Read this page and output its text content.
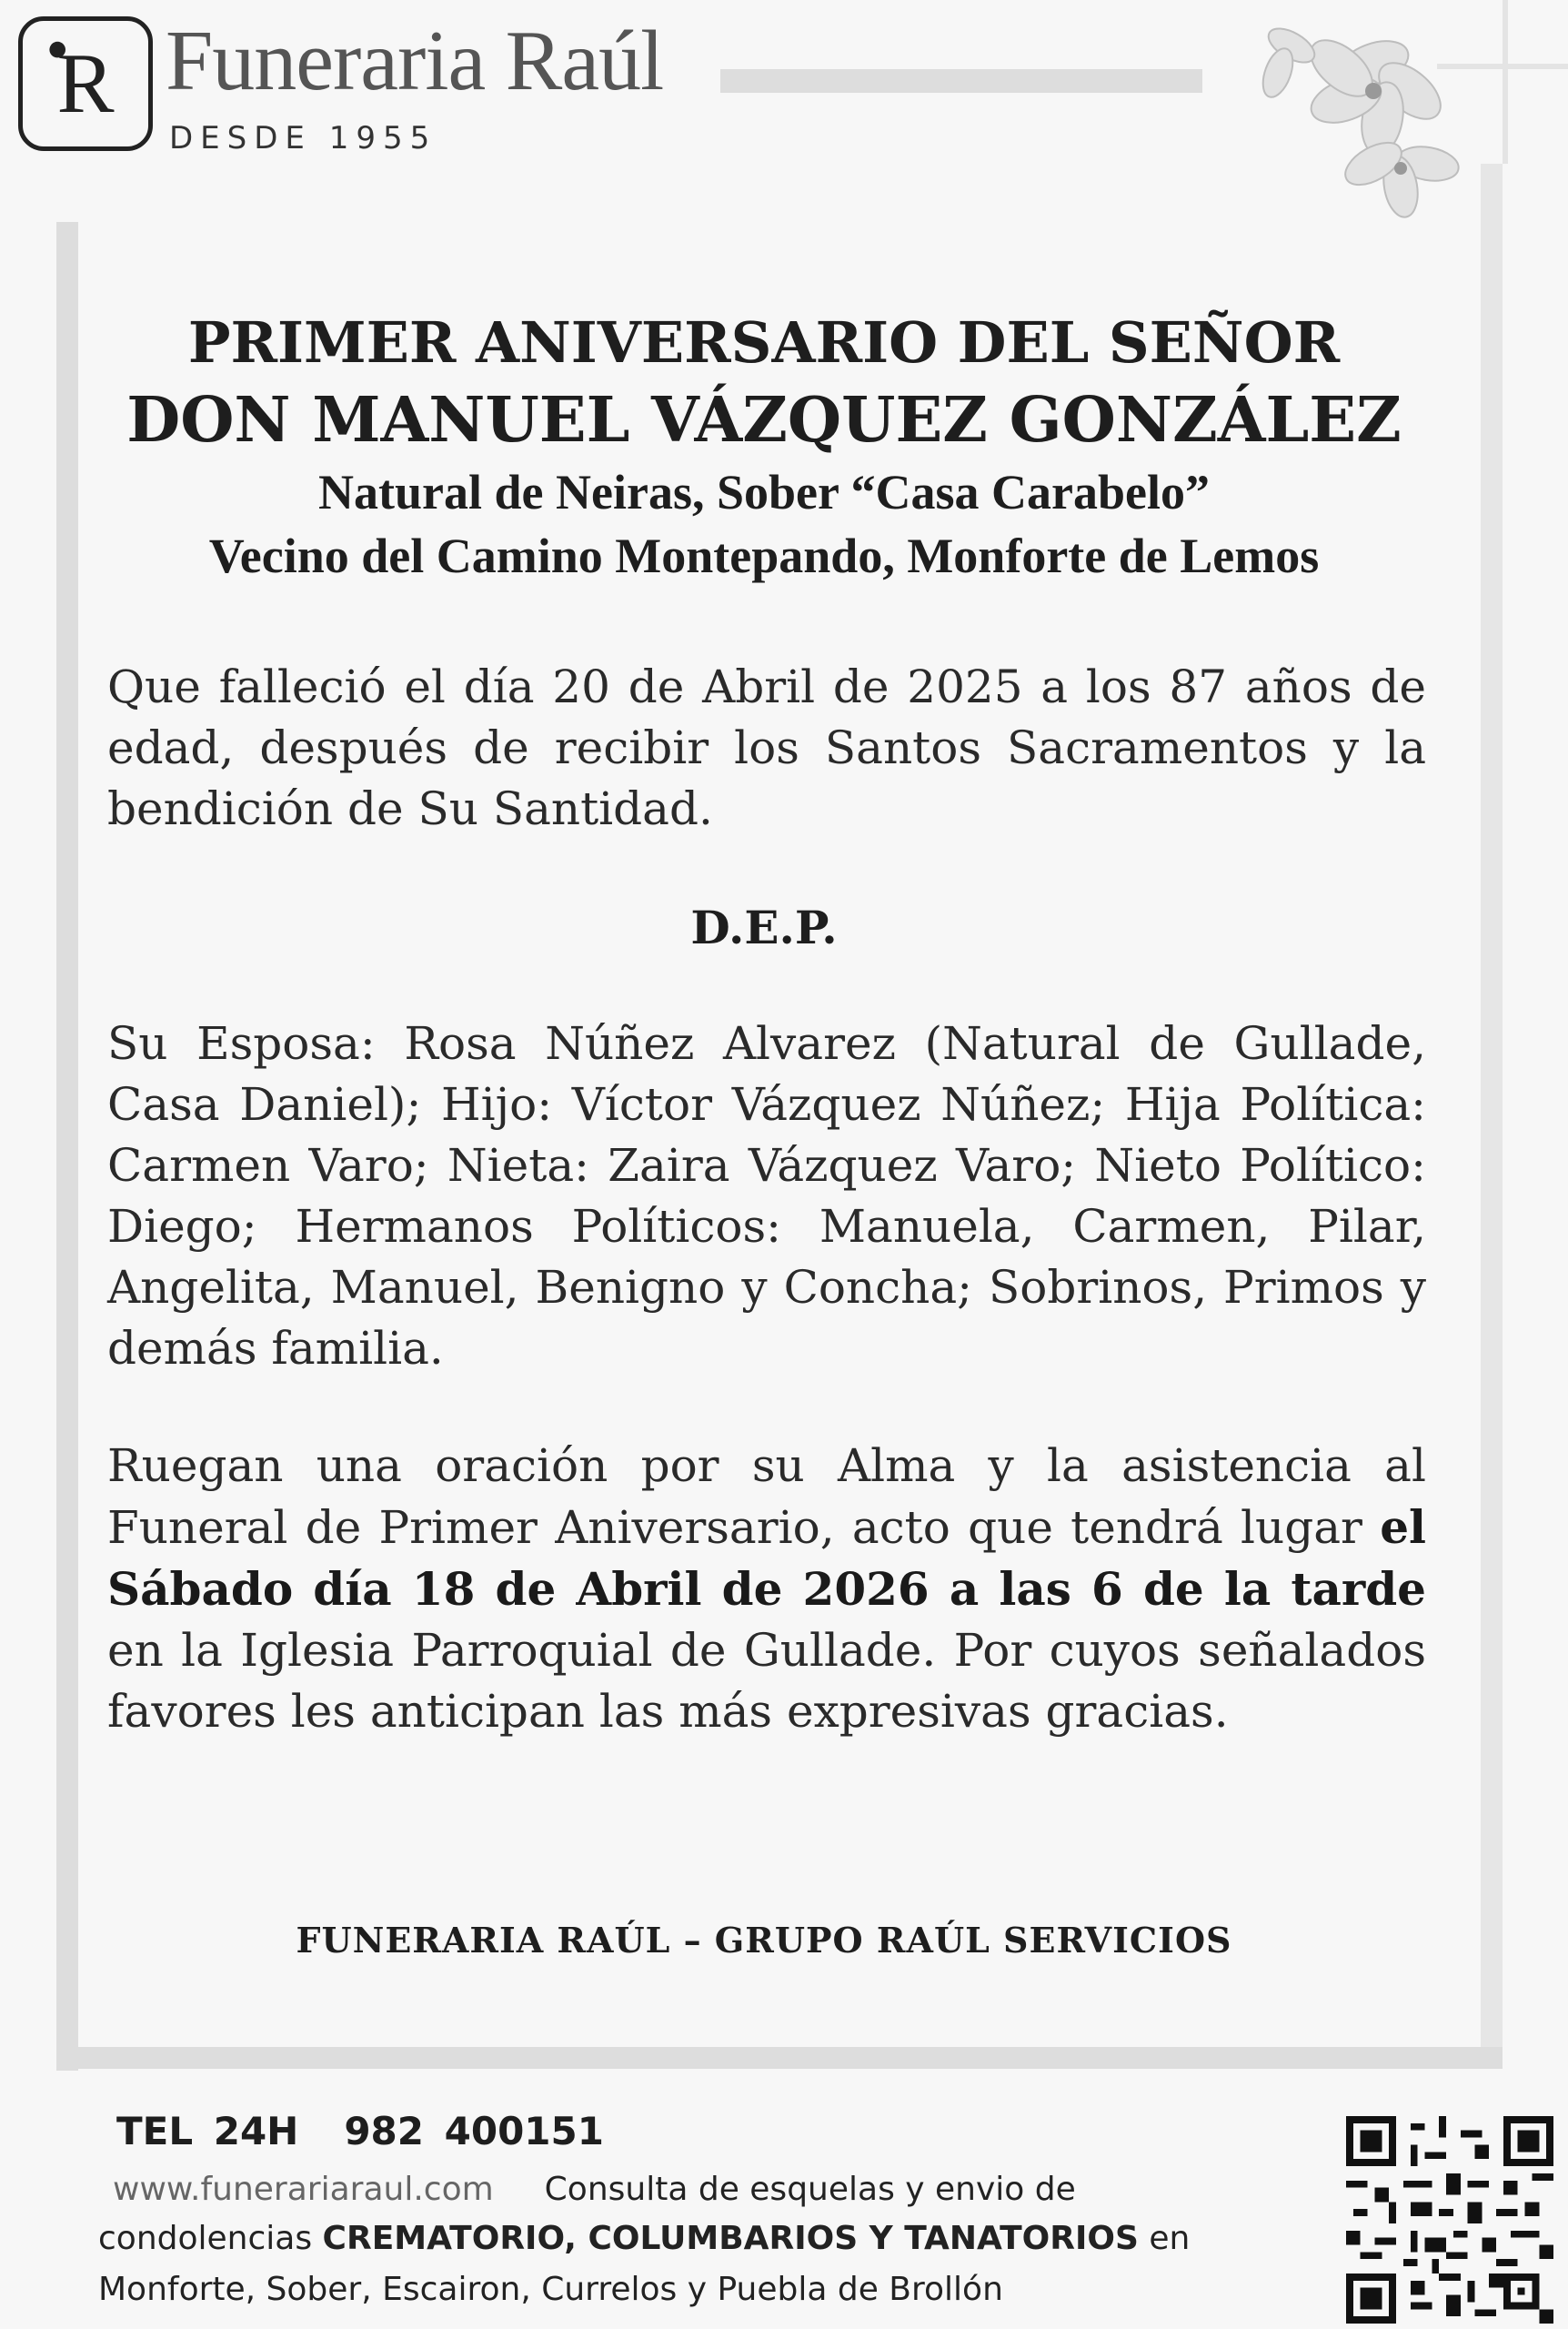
R Funeraria Raúl
DESDE 1955
PRIMER ANIVERSARIO DEL SEÑOR
DON MANUEL VÁZQUEZ GONZÁLEZ
Natural de Neiras, Sober “Casa Carabelo”
Vecino del Camino Montepando, Monforte de Lemos

Que falleció el día 20 de Abril de 2025 a los 87 años de edad, después de recibir los Santos Sacramentos y la bendición de Su Santidad.

D.E.P.

Su Esposa: Rosa Núñez Alvarez (Natural de Gullade, Casa Daniel); Hijo: Víctor Vázquez Núñez; Hija Política: Carmen Varo; Nieta: Zaira Vázquez Varo; Nieto Político: Diego; Hermanos Políticos: Manuela, Carmen, Pilar, Angelita, Manuel, Benigno y Concha; Sobrinos, Primos y demás familia.

Ruegan una oración por su Alma y la asistencia al Funeral de Primer Aniversario, acto que tendrá lugar el Sábado día 18 de Abril de 2026 a las 6 de la tarde en la Iglesia Parroquial de Gullade. Por cuyos señalados favores les anticipan las más expresivas gracias.

FUNERARIA RAÚL – GRUPO RAÚL SERVICIOS
TEL 24H 982 400151
www.funerariaraul.com Consulta de esquelas y envio de
condolencias CREMATORIO, COLUMBARIOS Y TANATORIOS en
Monforte, Sober, Escairon, Currelos y Puebla de Brollón
